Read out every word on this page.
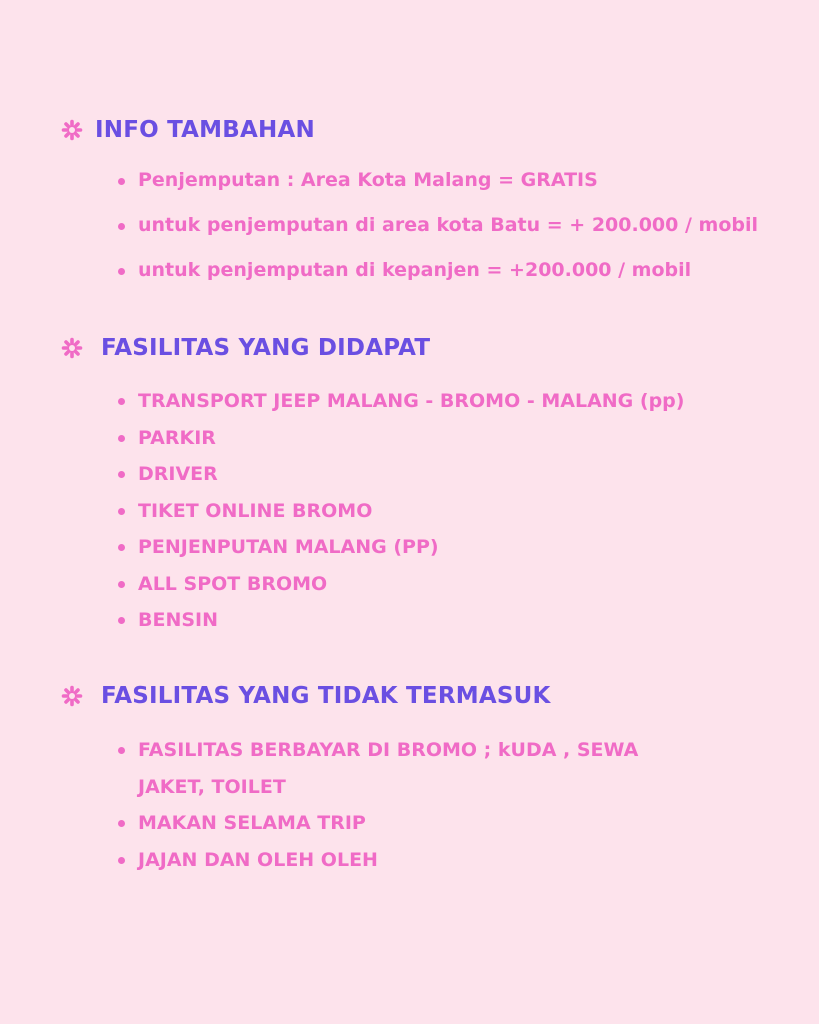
INFO TAMBAHAN
Penjemputan : Area Kota Malang = GRATIS
untuk penjemputan di area kota Batu = + 200.000 / mobil
untuk penjemputan di kepanjen = +200.000 / mobil
FASILITAS YANG DIDAPAT
TRANSPORT JEEP MALANG - BROMO - MALANG (pp)
PARKIR
DRIVER
TIKET ONLINE BROMO
PENJENPUTAN MALANG (PP)
ALL SPOT BROMO
BENSIN
FASILITAS YANG TIDAK TERMASUK
FASILITAS BERBAYAR DI BROMO ; kUDA , SEWA JAKET, TOILET
MAKAN SELAMA TRIP
JAJAN DAN OLEH OLEH
